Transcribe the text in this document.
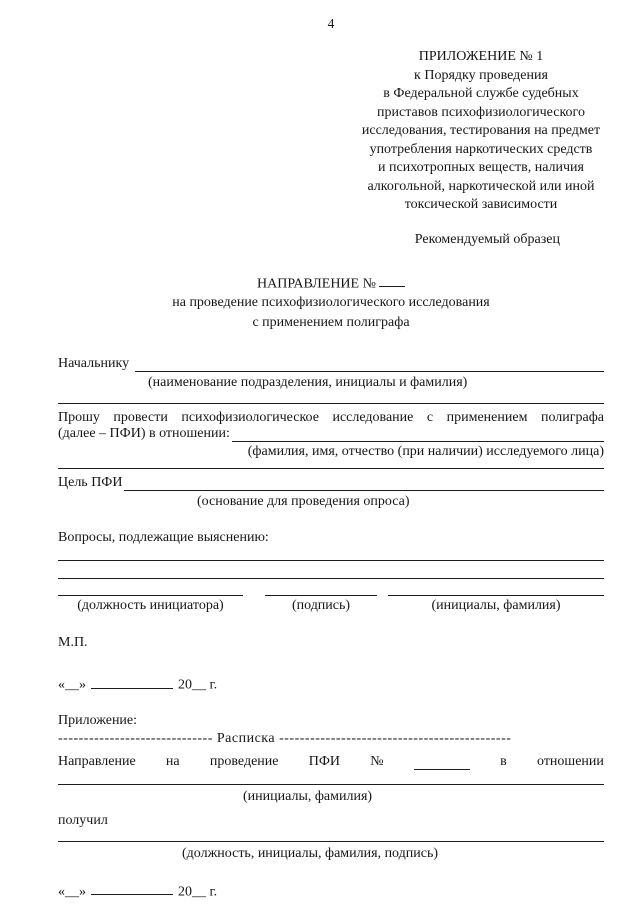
4
ПРИЛОЖЕНИЕ № 1
к Порядку проведения
в Федеральной службе судебных
приставов психофизиологического
исследования, тестирования на предмет
употребления наркотических средств
и психотропных веществ, наличия
алкогольной, наркотической или иной
токсической зависимости
Рекомендуемый образец
НАПРАВЛЕНИЕ №
на проведение психофизиологического исследования
с применением полиграфа
Начальнику
(наименование подразделения, инициалы и фамилия)
Прошу провести психофизиологическое исследование с применением полиграфа
(далее – ПФИ) в отношении:
(фамилия, имя, отчество (при наличии) исследуемого лица)
Цель ПФИ
(основание для проведения опроса)
Вопросы, подлежащие выяснению:
(должность инициатора)	(подпись)	(инициалы, фамилия)
М.П.
«__»	20__ г.
Приложение:
------------------------------ Расписка ---------------------------------------------
Направление на проведение ПФИ №	в отношении
(инициалы, фамилия)
получил
(должность, инициалы, фамилия, подпись)
«__»	20__ г.
